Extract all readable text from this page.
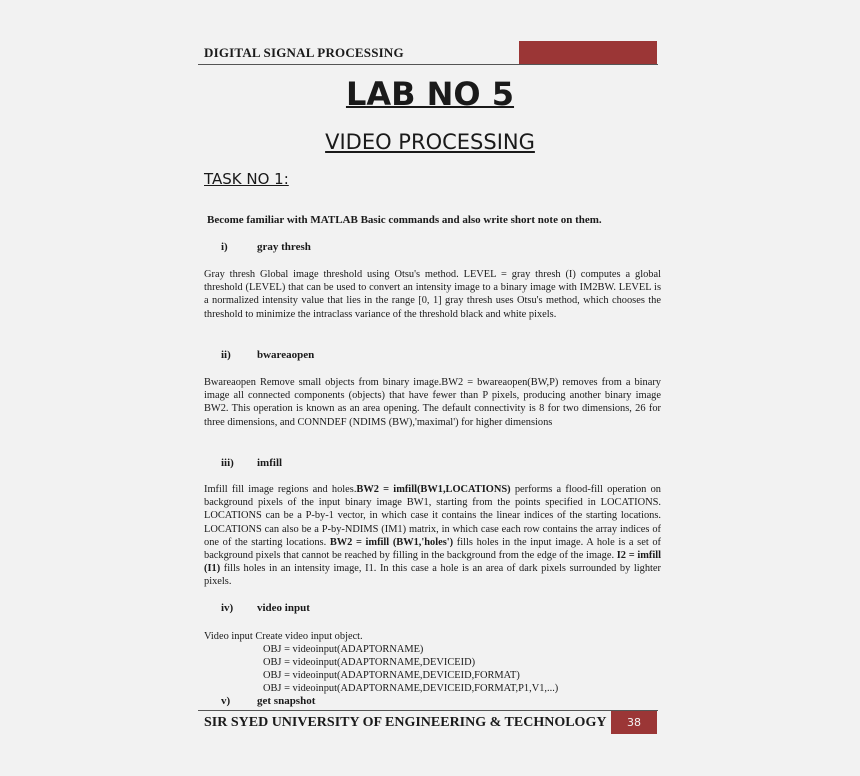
DIGITAL SIGNAL PROCESSING
LAB NO 5
VIDEO PROCESSING
TASK NO 1:
Become familiar with MATLAB Basic commands and also write short note on them.
i)	gray thresh
Gray thresh Global image threshold using Otsu's method. LEVEL = gray thresh (I) computes a global threshold (LEVEL) that can be used to convert an intensity image to a binary image with IM2BW. LEVEL is a normalized intensity value that lies in the range [0, 1] gray thresh uses Otsu's method, which chooses the threshold to minimize the intraclass variance of the threshold black and white pixels.
ii) bwareaopen
Bwareaopen Remove small objects from binary image.BW2 = bwareaopen(BW,P) removes from a binary image all connected components (objects) that have fewer than P pixels, producing another binary image BW2. This operation is known as an area opening. The default connectivity is 8 for two dimensions, 26 for three dimensions, and CONNDEF (NDIMS (BW),'maximal') for higher dimensions
iii) imfill
Imfill fill image regions and holes.BW2 = imfill(BW1,LOCATIONS) performs a flood-fill operation on background pixels of the input binary image BW1, starting from the points specified in LOCATIONS. LOCATIONS can be a P-by-1 vector, in which case it contains the linear indices of the starting locations. LOCATIONS can also be a P-by-NDIMS (IM1) matrix, in which case each row contains the array indices of one of the starting locations. BW2 = imfill (BW1,'holes') fills holes in the input image. A hole is a set of background pixels that cannot be reached by filling in the background from the edge of the image. I2 = imfill (I1) fills holes in an intensity image, I1. In this case a hole is an area of dark pixels surrounded by lighter pixels.
iv) video input
Video input Create video input object.
OBJ = videoinput(ADAPTORNAME)
OBJ = videoinput(ADAPTORNAME,DEVICEID)
OBJ = videoinput(ADAPTORNAME,DEVICEID,FORMAT)
OBJ = videoinput(ADAPTORNAME,DEVICEID,FORMAT,P1,V1,...)
v) get snapshot
SIR SYED UNIVERSITY OF ENGINEERING & TECHNOLOGY	38
